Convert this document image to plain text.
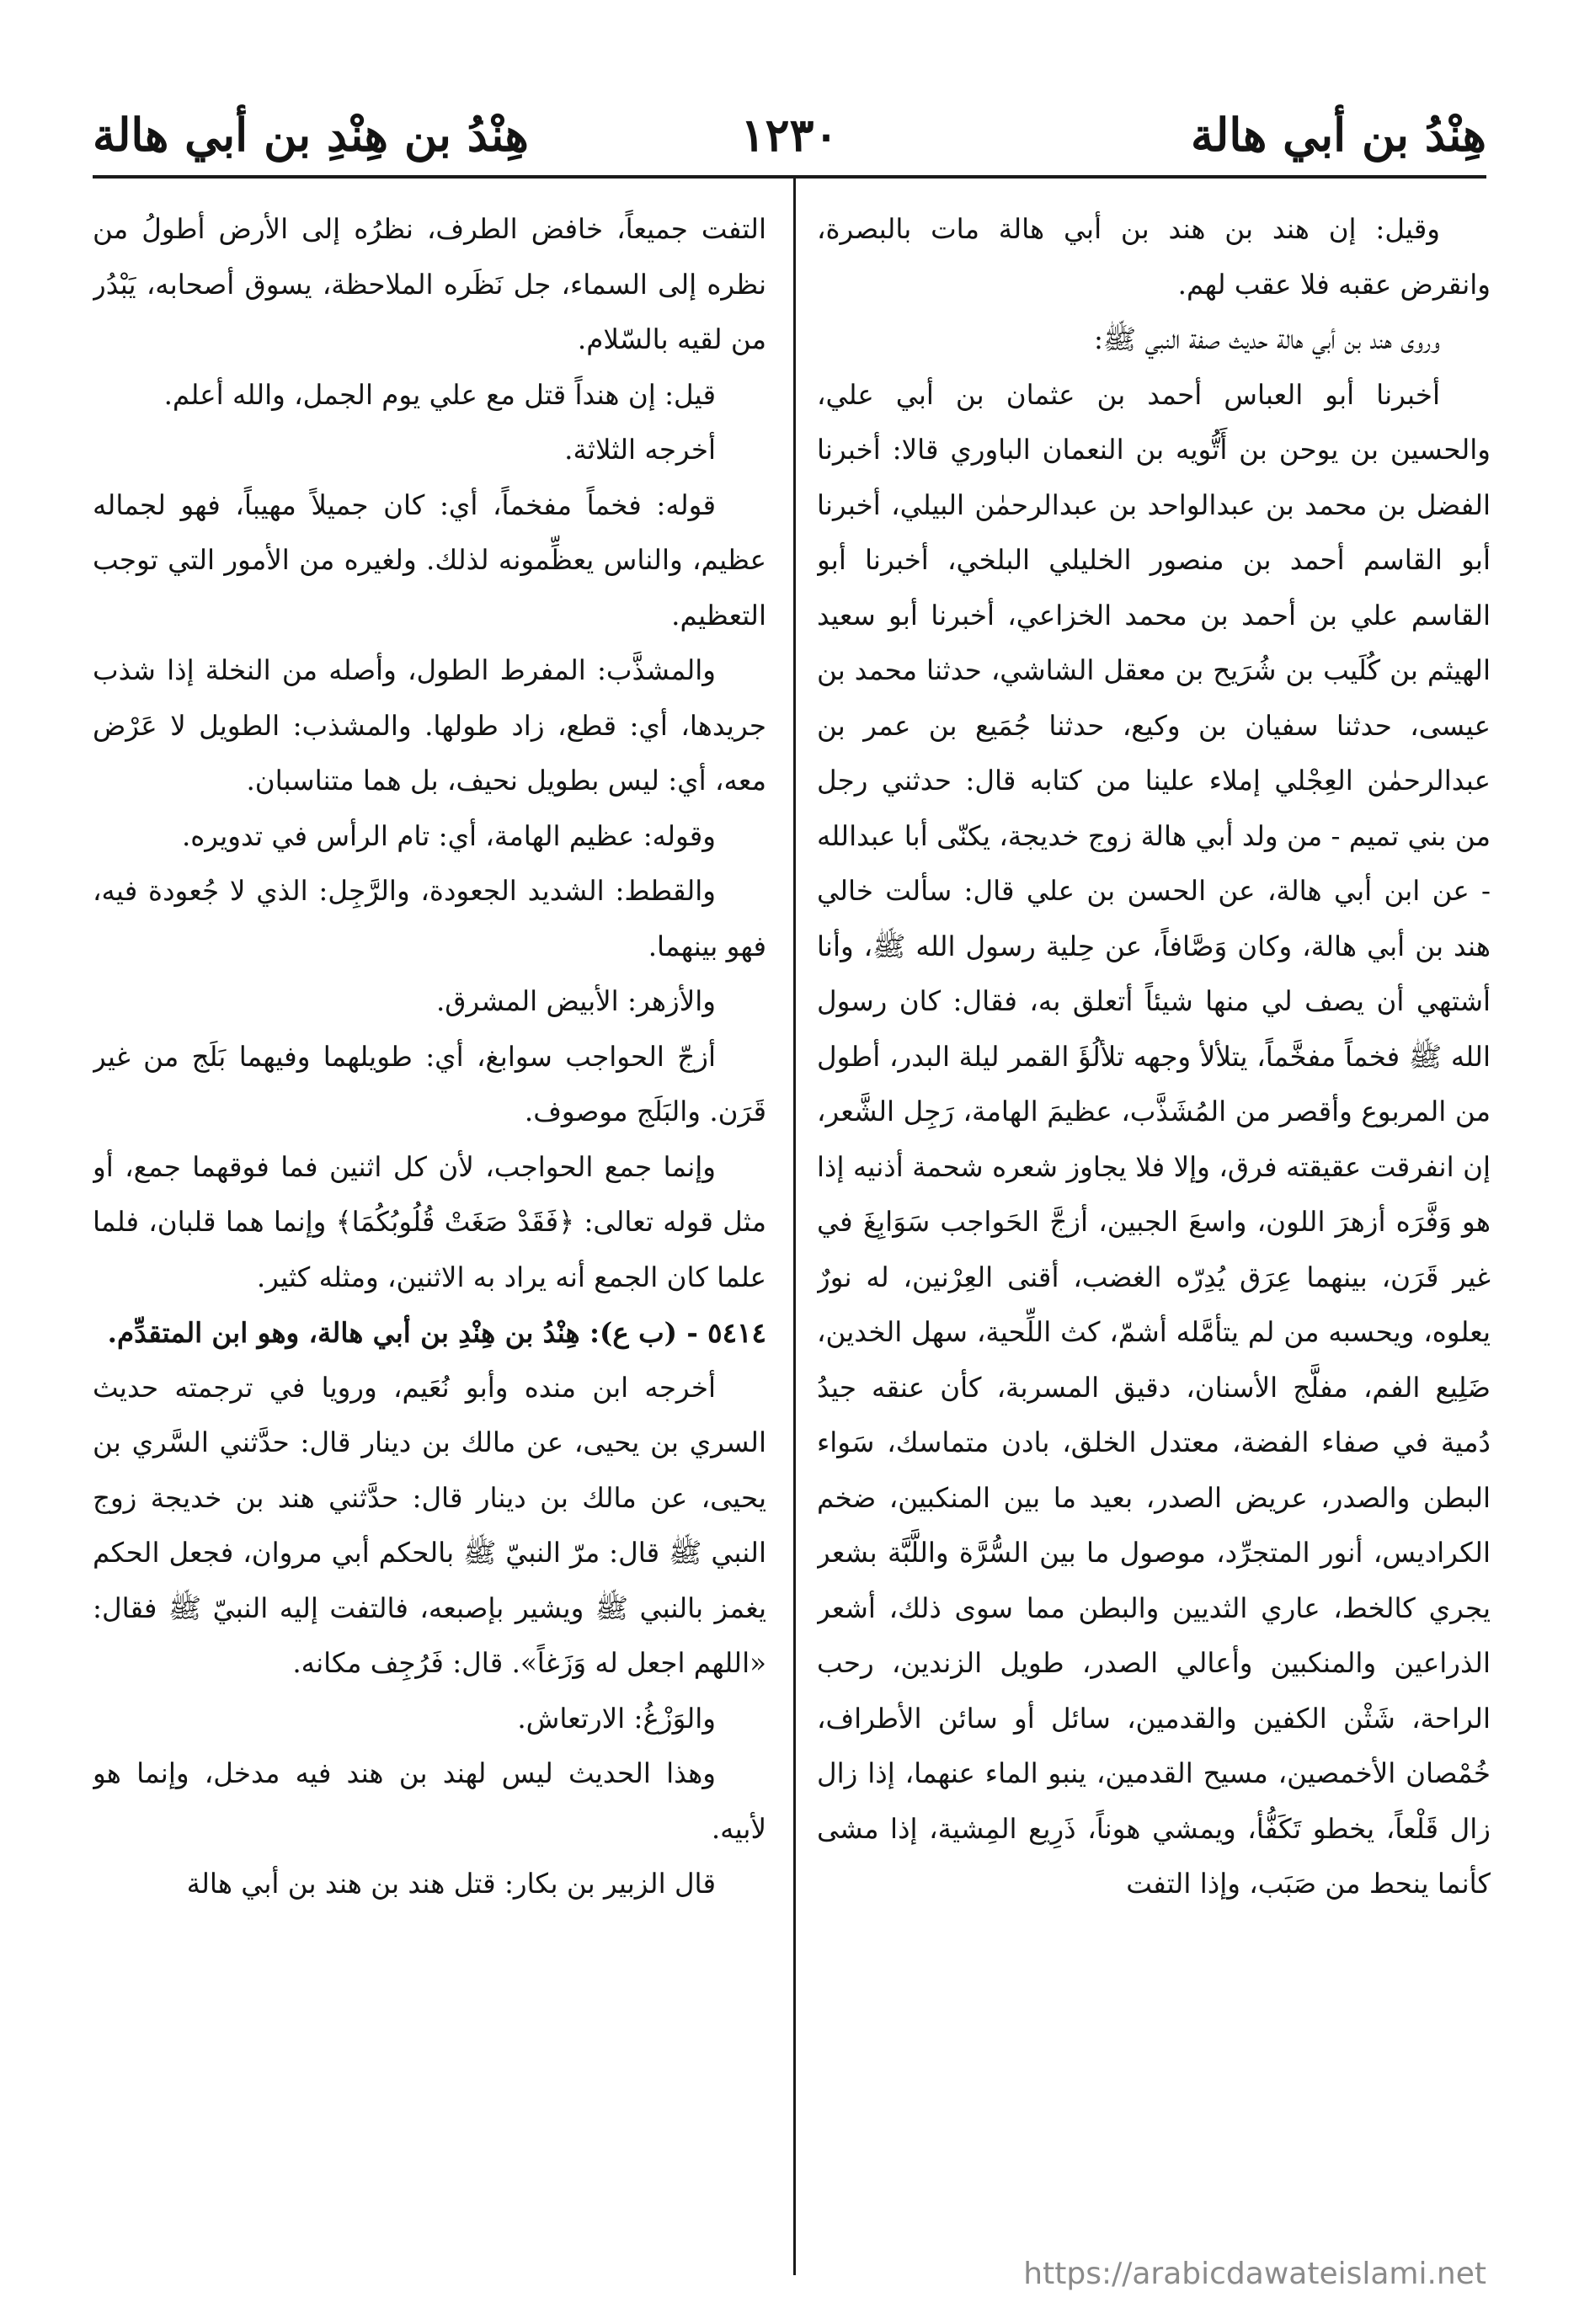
هِنْدُ بن أبي هالة
١٢٣٠
هِنْدُ بن هِنْدِ بن أبي هالة

وقيل: إن هند بن هند بن أبي هالة مات بالبصرة، وانقرض عقبه فلا عقب لهم.

وروى هند بن أبي هالة حديث صفة النبي ﷺ:

أخبرنا أبو العباس أحمد بن عثمان بن أبي علي، والحسين بن يوحن بن أَتُّويه بن النعمان الباوري قالا: أخبرنا الفضل بن محمد بن عبدالواحد بن عبدالرحمٰن البيلي، أخبرنا أبو القاسم أحمد بن منصور الخليلي البلخي، أخبرنا أبو القاسم علي بن أحمد بن محمد الخزاعي، أخبرنا أبو سعيد الهيثم بن كُلَيب بن شُرَيح بن معقل الشاشي، حدثنا محمد بن عيسى، حدثنا سفيان بن وكيع، حدثنا جُمَيع بن عمر بن عبدالرحمٰن العِجْلي إملاء علينا من كتابه قال: حدثني رجل من بني تميم - من ولد أبي هالة زوج خديجة، يكنّى أبا عبدالله - عن ابن أبي هالة، عن الحسن بن علي قال: سألت خالي هند بن أبي هالة، وكان وَصَّافاً، عن حِلية رسول الله ﷺ، وأنا أشتهي أن يصف لي منها شيئاً أتعلق به، فقال: كان رسول الله ﷺ فخماً مفخَّماً، يتلألأ وجهه تلألُؤَ القمر ليلة البدر، أطول من المربوع وأقصر من المُشَذَّب، عظيمَ الهامة، رَجِل الشَّعر، إن انفرقت عقيقته فرق، وإلا فلا يجاوز شعره شحمة أذنيه إذا هو وَفَّرَه أزهرَ اللون، واسعَ الجبين، أزجَّ الحَواجب سَوَابِغَ في غير قَرَن، بينهما عِرَق يُدِرّه الغضب، أقنى العِرْنين، له نورٌ يعلوه، ويحسبه من لم يتأمَّله أشمّ، كث اللِّحية، سهل الخدين، ضَلِيع الفم، مفلَّج الأسنان، دقيق المسربة، كأن عنقه جيدُ دُمية في صفاء الفضة، معتدل الخلق، بادن متماسك، سَواء البطن والصدر، عريض الصدر، بعيد ما بين المنكبين، ضخم الكراديس، أنور المتجرِّد، موصول ما بين السُّرَّة واللَّبَّة بشعر يجري كالخط، عاري الثديين والبطن مما سوى ذلك، أشعر الذراعين والمنكبين وأعالي الصدر، طويل الزندين، رحب الراحة، شَثْن الكفين والقدمين، سائل أو سائن الأطراف، خُمْصان الأخمصين، مسيح القدمين، ينبو الماء عنهما، إذا زال زال قَلْعاً، يخطو تَكَفُّأ، ويمشي هوناً، ذَرِيع المِشية، إذا مشى كأنما ينحط من صَبَب، وإذا التفت

التفت جميعاً، خافض الطرف، نظرُه إلى الأرض أطولُ من نظره إلى السماء، جل نَظَره الملاحظة، يسوق أصحابه، يَبْدُر من لقيه بالسّلام.

قيل: إن هنداً قتل مع علي يوم الجمل، والله أعلم.

أخرجه الثلاثة.

قوله: فخماً مفخماً، أي: كان جميلاً مهيباً، فهو لجماله عظيم، والناس يعظِّمونه لذلك. ولغيره من الأمور التي توجب التعظيم.

والمشذَّب: المفرط الطول، وأصله من النخلة إذا شذب جريدها، أي: قطع، زاد طولها. والمشذب: الطويل لا عَرْض معه، أي: ليس بطويل نحيف، بل هما متناسبان.

وقوله: عظيم الهامة، أي: تام الرأس في تدويره.

والقطط: الشديد الجعودة، والرَّجِل: الذي لا جُعودة فيه، فهو بينهما.

والأزهر: الأبيض المشرق.

أزجّ الحواجب سوابغ، أي: طويلهما وفيهما بَلَج من غير قَرَن. والبَلَج موصوف.

وإنما جمع الحواجب، لأن كل اثنين فما فوقهما جمع، أو مثل قوله تعالى: ﴿فَقَدْ صَغَتْ قُلُوبُكُمَا﴾ وإنما هما قلبان، فلما علما كان الجمع أنه يراد به الاثنين، ومثله كثير.

٥٤١٤ - (ب ع): هِنْدُ بن هِنْدِ بن أبي هالة، وهو ابن المتقدِّم.

أخرجه ابن منده وأبو نُعَيم، ورويا في ترجمته حديث السري بن يحيى، عن مالك بن دينار قال: حدَّثني السَّري بن يحيى، عن مالك بن دينار قال: حدَّثني هند بن خديجة زوج النبي ﷺ قال: مرّ النبيّ ﷺ بالحكم أبي مروان، فجعل الحكم يغمز بالنبي ﷺ ويشير بإصبعه، فالتفت إليه النبيّ ﷺ فقال: «اللهم اجعل له وَزَغاً». قال: فَرُجِف مكانه.

والوَزْغُ: الارتعاش.

وهذا الحديث ليس لهند بن هند فيه مدخل، وإنما هو لأبيه.

قال الزبير بن بكار: قتل هند بن هند بن أبي هالة

https://arabicdawateislami.net
